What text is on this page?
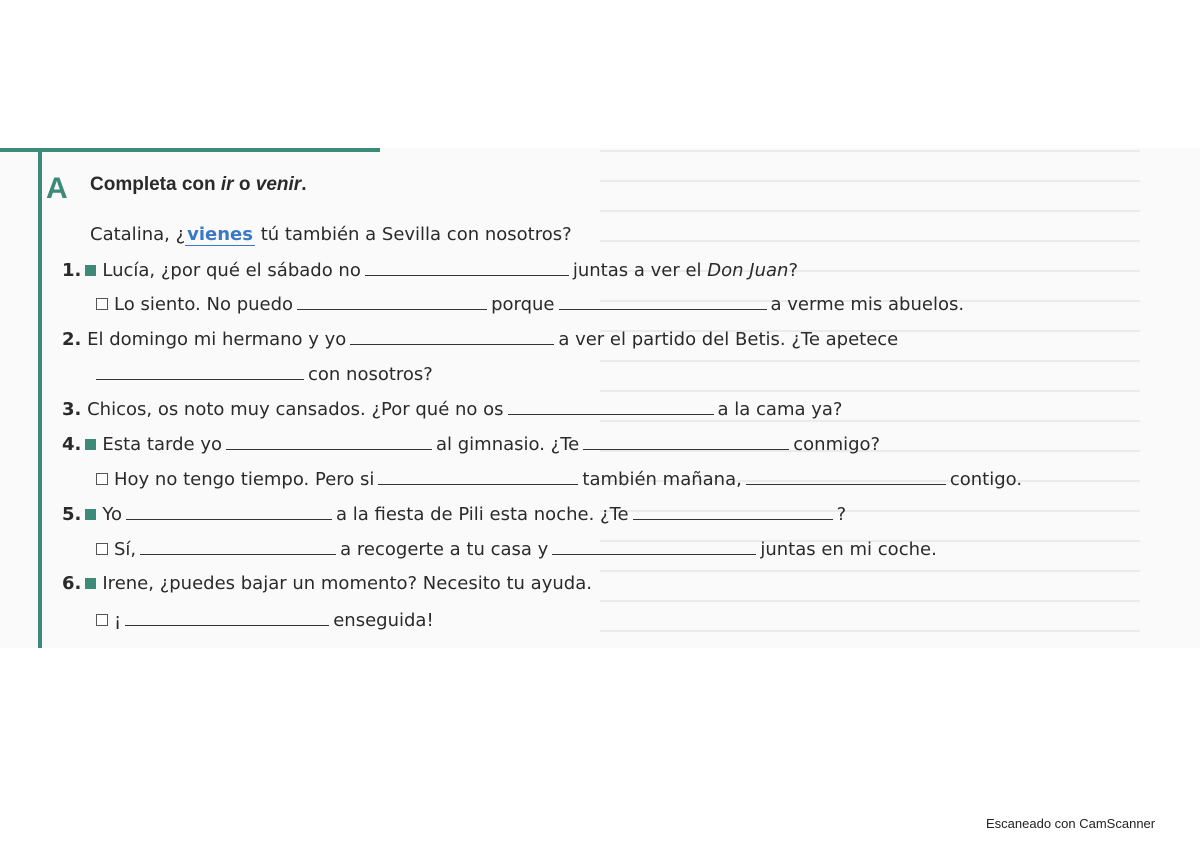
A Completa con ir o venir.
Catalina, ¿ vienes tú también a Sevilla con nosotros?
1. Lucía, ¿por qué el sábado no	juntas a ver el Don Juan?
Lo siento. No puedo	porque	a verme mis abuelos.
2. El domingo mi hermano y yo	a ver el partido del Betis. ¿Te apetece
con nosotros?
3. Chicos, os noto muy cansados. ¿Por qué no os	a la cama ya?
4. Esta tarde yo	al gimnasio. ¿Te	conmigo?
Hoy no tengo tiempo. Pero si	también mañana,	contigo.
5. Yo	a la fiesta de Pili esta noche. ¿Te	?
Sí,	a recogerte a tu casa y	juntas en mi coche.
6. Irene, ¿puedes bajar un momento? Necesito tu ayuda.
¡	enseguida!
Escaneado con CamScanner
